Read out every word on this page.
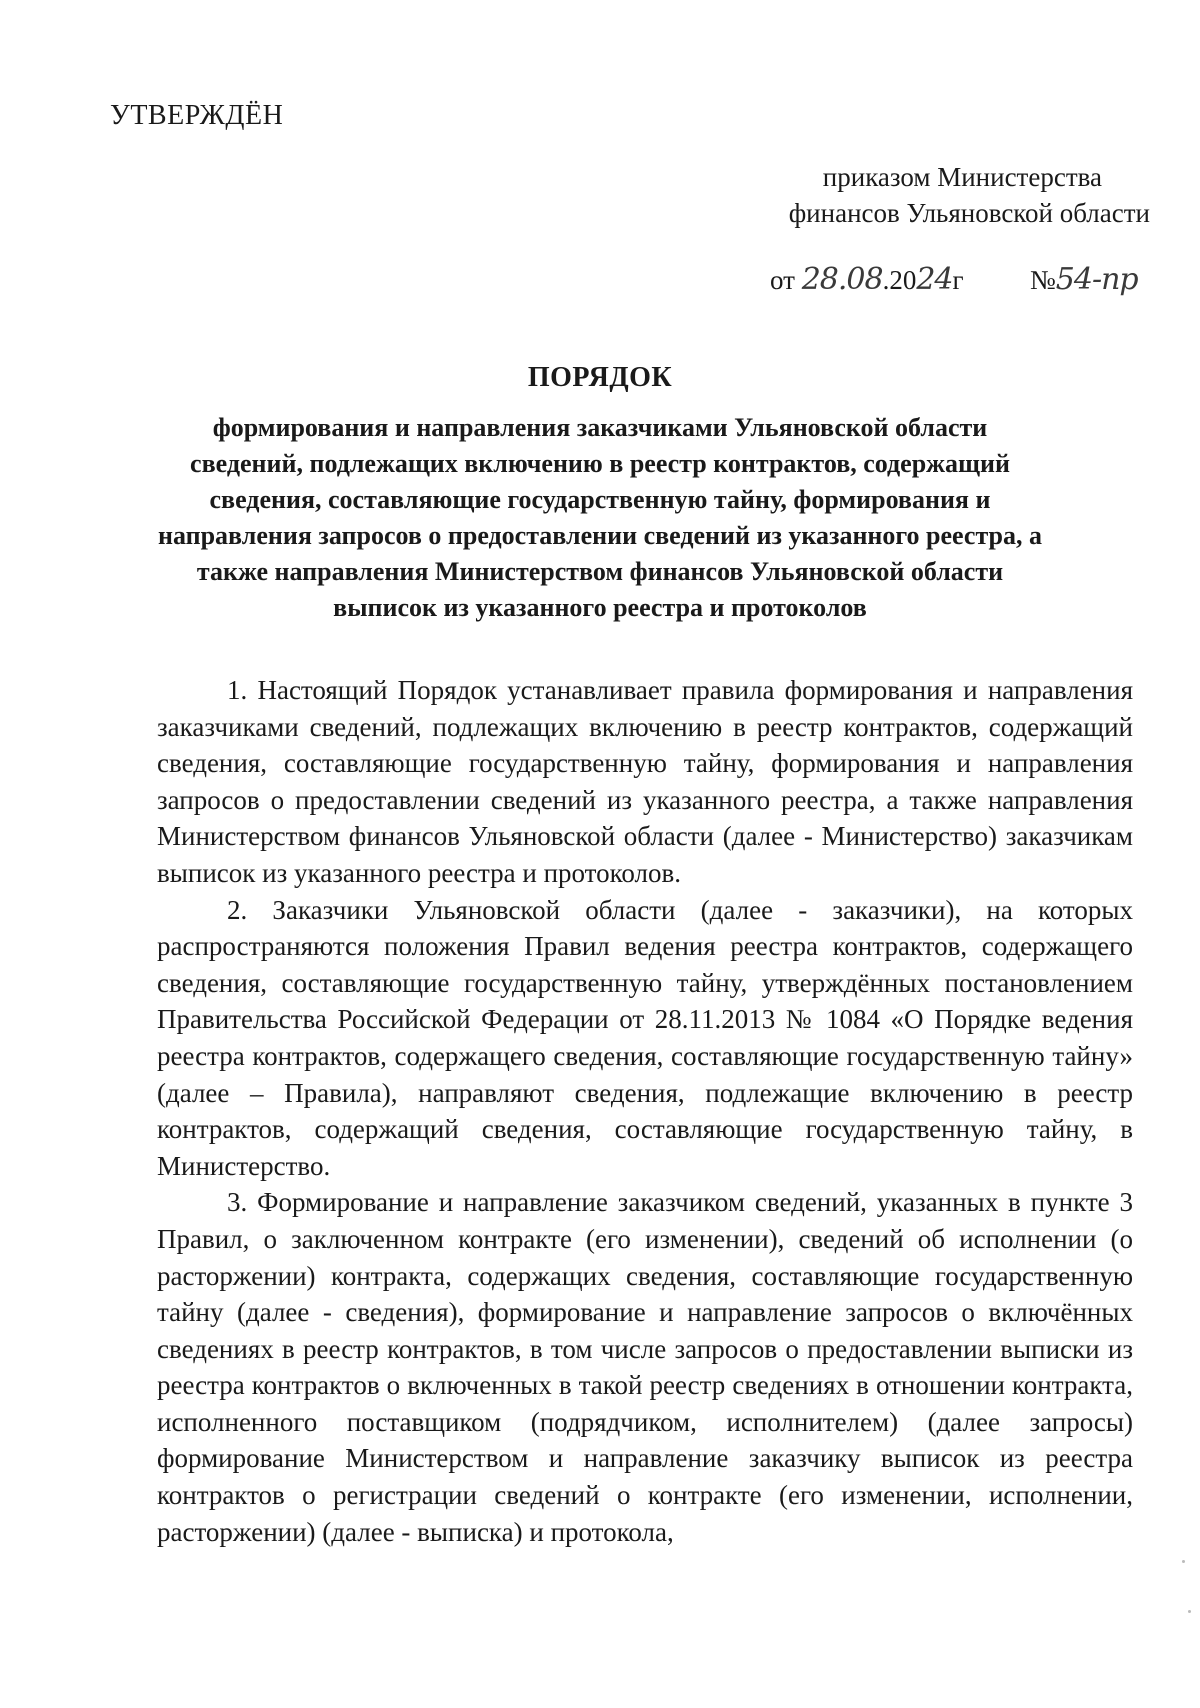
УТВЕРЖДЁН
приказом Министерства
финансов Ульяновской области
от 28.08.2024г №54-пр
ПОРЯДОК
формирования и направления заказчиками Ульяновской области
сведений, подлежащих включению в реестр контрактов, содержащий
сведения, составляющие государственную тайну, формирования и
направления запросов о предоставлении сведений из указанного реестра, а
также направления Министерством финансов Ульяновской области
выписок из указанного реестра и протоколов

1. Настоящий Порядок устанавливает правила формирования и направления заказчиками сведений, подлежащих включению в реестр контрактов, содержащий сведения, составляющие государственную тайну, формирования и направления запросов о предоставлении сведений из указанного реестра, а также направления Министерством финансов Ульяновской области (далее - Министерство) заказчикам выписок из указанного реестра и протоколов.

2. Заказчики Ульяновской области (далее - заказчики), на которых распространяются положения Правил ведения реестра контрактов, содержащего сведения, составляющие государственную тайну, утверждённых постановлением Правительства Российской Федерации от 28.11.2013 № 1084 «О Порядке ведения реестра контрактов, содержащего сведения, составляющие государственную тайну» (далее – Правила), направляют сведения, подлежащие включению в реестр контрактов, содержащий сведения, составляющие государственную тайну, в Министерство.

3. Формирование и направление заказчиком сведений, указанных в пункте 3 Правил, о заключенном контракте (его изменении), сведений об исполнении (о расторжении) контракта, содержащих сведения, составляющие государственную тайну (далее - сведения), формирование и направление запросов о включённых сведениях в реестр контрактов, в том числе запросов о предоставлении выписки из реестра контрактов о включенных в такой реестр сведениях в отношении контракта, исполненного поставщиком (подрядчиком, исполнителем) (далее запросы) формирование Министерством и направление заказчику выписок из реестра контрактов о регистрации сведений о контракте (его изменении, исполнении, расторжении) (далее - выписка) и протокола,
